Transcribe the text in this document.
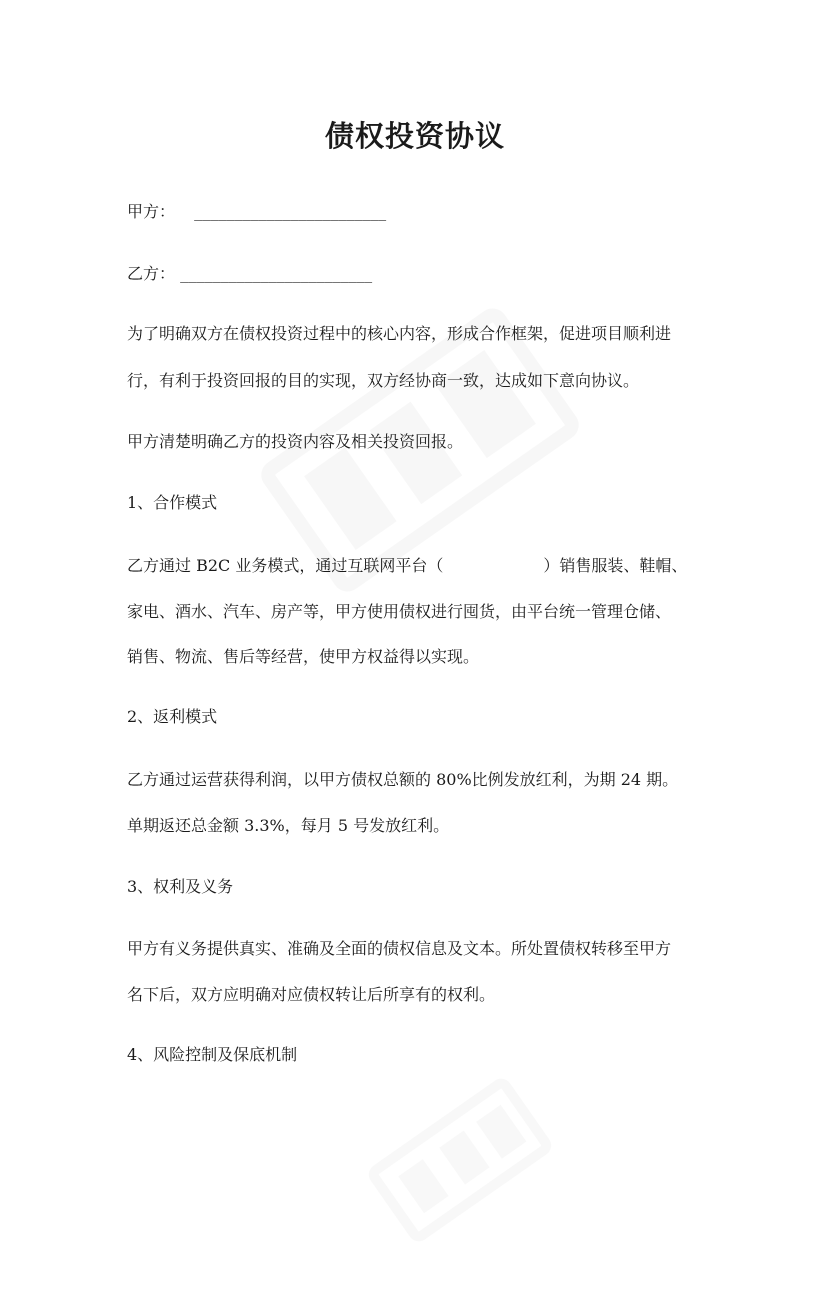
债权投资协议
甲方： ________________________
乙方： ________________________
为了明确双方在债权投资过程中的核心内容，形成合作框架，促进项目顺利进
行，有利于投资回报的目的实现，双方经协商一致，达成如下意向协议。
甲方清楚明确乙方的投资内容及相关投资回报。
1、合作模式
乙方通过 B2C 业务模式，通过互联网平台（	）销售服装、鞋帽、
家电、酒水、汽车、房产等，甲方使用债权进行囤货，由平台统一管理仓储、
销售、物流、售后等经营，使甲方权益得以实现。
2、返利模式
乙方通过运营获得利润，以甲方债权总额的 80%比例发放红利，为期 24 期。
单期返还总金额 3.3%，每月 5 号发放红利。
3、权利及义务
甲方有义务提供真实、准确及全面的债权信息及文本。所处置债权转移至甲方
名下后，双方应明确对应债权转让后所享有的权利。
4、风险控制及保底机制
